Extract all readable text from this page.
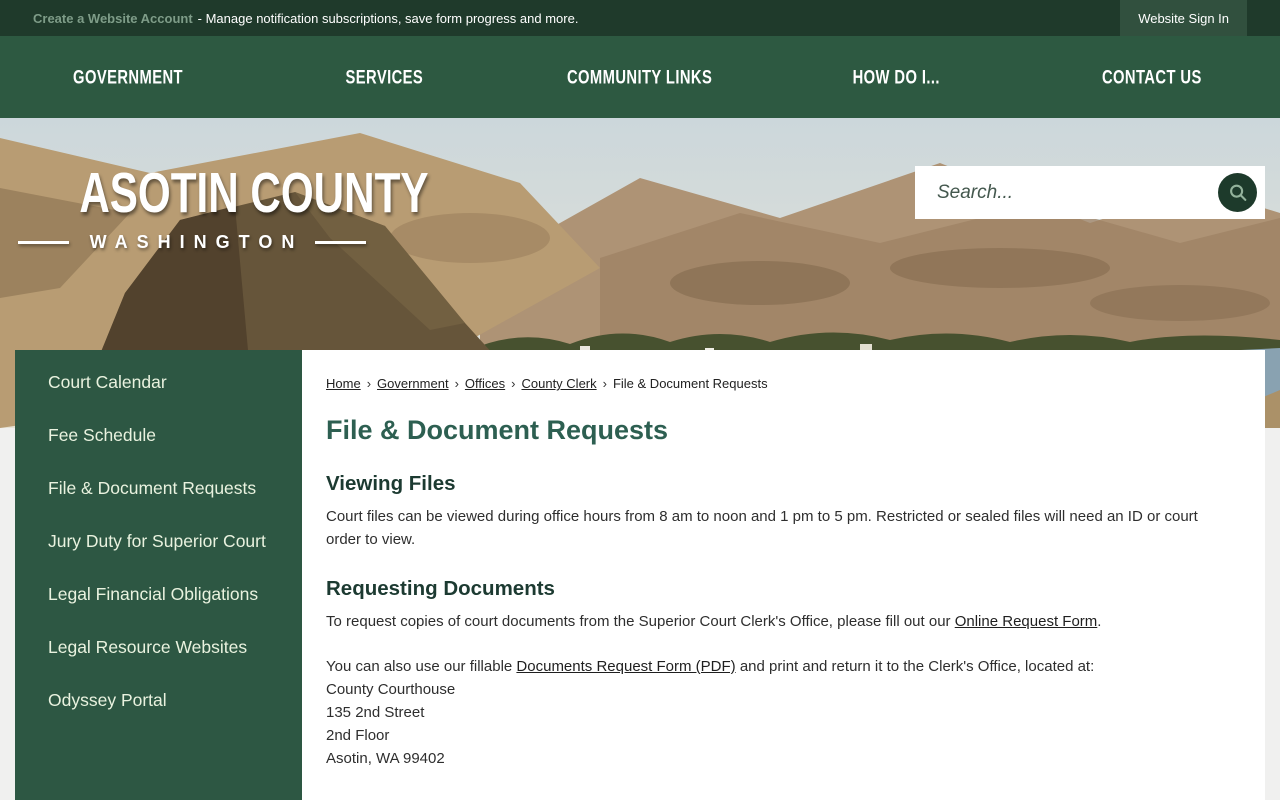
Create a Website Account - Manage notification subscriptions, save form progress and more.	Website Sign In
GOVERNMENT	SERVICES	COMMUNITY LINKS	HOW DO I...	CONTACT US
ASOTIN COUNTY
WASHINGTON
Search...
Court Calendar
Fee Schedule
File & Document Requests
Jury Duty for Superior Court
Legal Financial Obligations
Legal Resource Websites
Odyssey Portal
Home › Government › Offices › County Clerk › File & Document Requests
File & Document Requests
Viewing Files

Court files can be viewed during office hours from 8 am to noon and 1 pm to 5 pm. Restricted or sealed files will need an ID or court order to view.

Requesting Documents

To request copies of court documents from the Superior Court Clerk's Office, please fill out our Online Request Form.

You can also use our fillable Documents Request Form (PDF) and print and return it to the Clerk's Office, located at:

County Courthouse
135 2nd Street
2nd Floor
Asotin, WA 99402
